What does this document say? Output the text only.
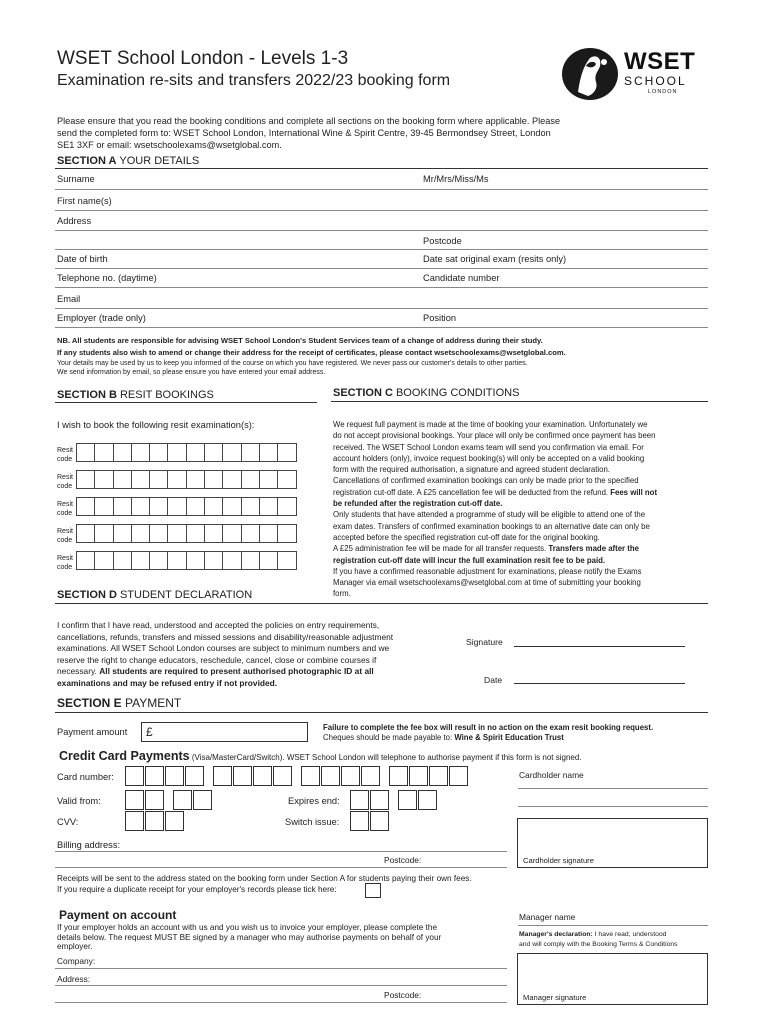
WSET School London - Levels 1-3
Examination re-sits and transfers 2022/23 booking form
WSET
SCHOOL
LONDON
Please ensure that you read the booking conditions and complete all sections on the booking form where applicable. Please
send the completed form to: WSET School London, International Wine & Spirit Centre, 39-45 Bermondsey Street, London
SE1 3XF or email: wsetschoolexams@wsetglobal.com.
SECTION A YOUR DETAILS
Surname	Mr/Mrs/Miss/Ms
First name(s)
Address
Postcode
Date of birth	Date sat original exam (resits only)
Telephone no. (daytime)	Candidate number
Email
Employer (trade only)	Position
NB. All students are responsible for advising WSET School London's Student Services team of a change of address during their study.
If any students also wish to amend or change their address for the receipt of certificates, please contact wsetschoolexams@wsetglobal.com.
Your details may be used by us to keep you informed of the course on which you have registered. We never pass our customer's details to other parties.
We send information by email, so please ensure you have entered your email address.
SECTION B RESIT BOOKINGS
I wish to book the following resit examination(s):
Resit
code
Resit
code
Resit
code
Resit
code
Resit
code
SECTION C BOOKING CONDITIONS
We request full payment is made at the time of booking your examination. Unfortunately we
do not accept provisional bookings. Your place will only be confirmed once payment has been
received. The WSET School London exams team will send you confirmation via email. For
account holders (only), invoice request booking(s) will only be accepted on a valid booking
form with the required authorisation, a signature and agreed student declaration.
Cancellations of confirmed examination bookings can only be made prior to the specified
registration cut-off date. A £25 cancellation fee will be deducted from the refund. Fees will not
be refunded after the registration cut-off date.
Only students that have attended a programme of study will be eligible to attend one of the
exam dates. Transfers of confirmed examination bookings to an alternative date can only be
accepted before the specified registration cut-off date for the original booking.
A £25 administration fee will be made for all transfer requests. Transfers made after the
registration cut-off date will incur the full examination resit fee to be paid.
If you have a confirmed reasonable adjustment for examinations, please notify the Exams
Manager via email wsetschoolexams@wsetglobal.com at time of submitting your booking
form.
SECTION D STUDENT DECLARATION
I confirm that I have read, understood and accepted the policies on entry requirements,
cancellations, refunds, transfers and missed sessions and disability/reasonable adjustment
examinations. All WSET School London courses are subject to minimum numbers and we
reserve the right to change educators, reschedule, cancel, close or combine courses if
necessary. All students are required to present authorised photographic ID at all
examinations and may be refused entry if not provided.
Signature
Date
SECTION E PAYMENT
Payment amount £	Failure to complete the fee box will result in no action on the exam resit booking request.
Cheques should be made payable to: Wine & Spirit Education Trust
Credit Card Payments (Visa/MasterCard/Switch). WSET School London will telephone to authorise payment if this form is not signed.
Card number:	Cardholder name
Valid from:	Expires end:
CVV:	Switch issue:
Cardholder signature
Billing address:
Postcode:
Receipts will be sent to the address stated on the booking form under Section A for students paying their own fees.
If you require a duplicate receipt for your employer's records please tick here:
Payment on account
If your employer holds an account with us and you wish us to invoice your employer, please complete the
details below. The request MUST BE signed by a manager who may authorise payments on behalf of your
employer.
Company:
Address:
Postcode:
Manager name
Manager's declaration: I have read, understood
and will comply with the Booking Terms & Conditions
Manager signature
